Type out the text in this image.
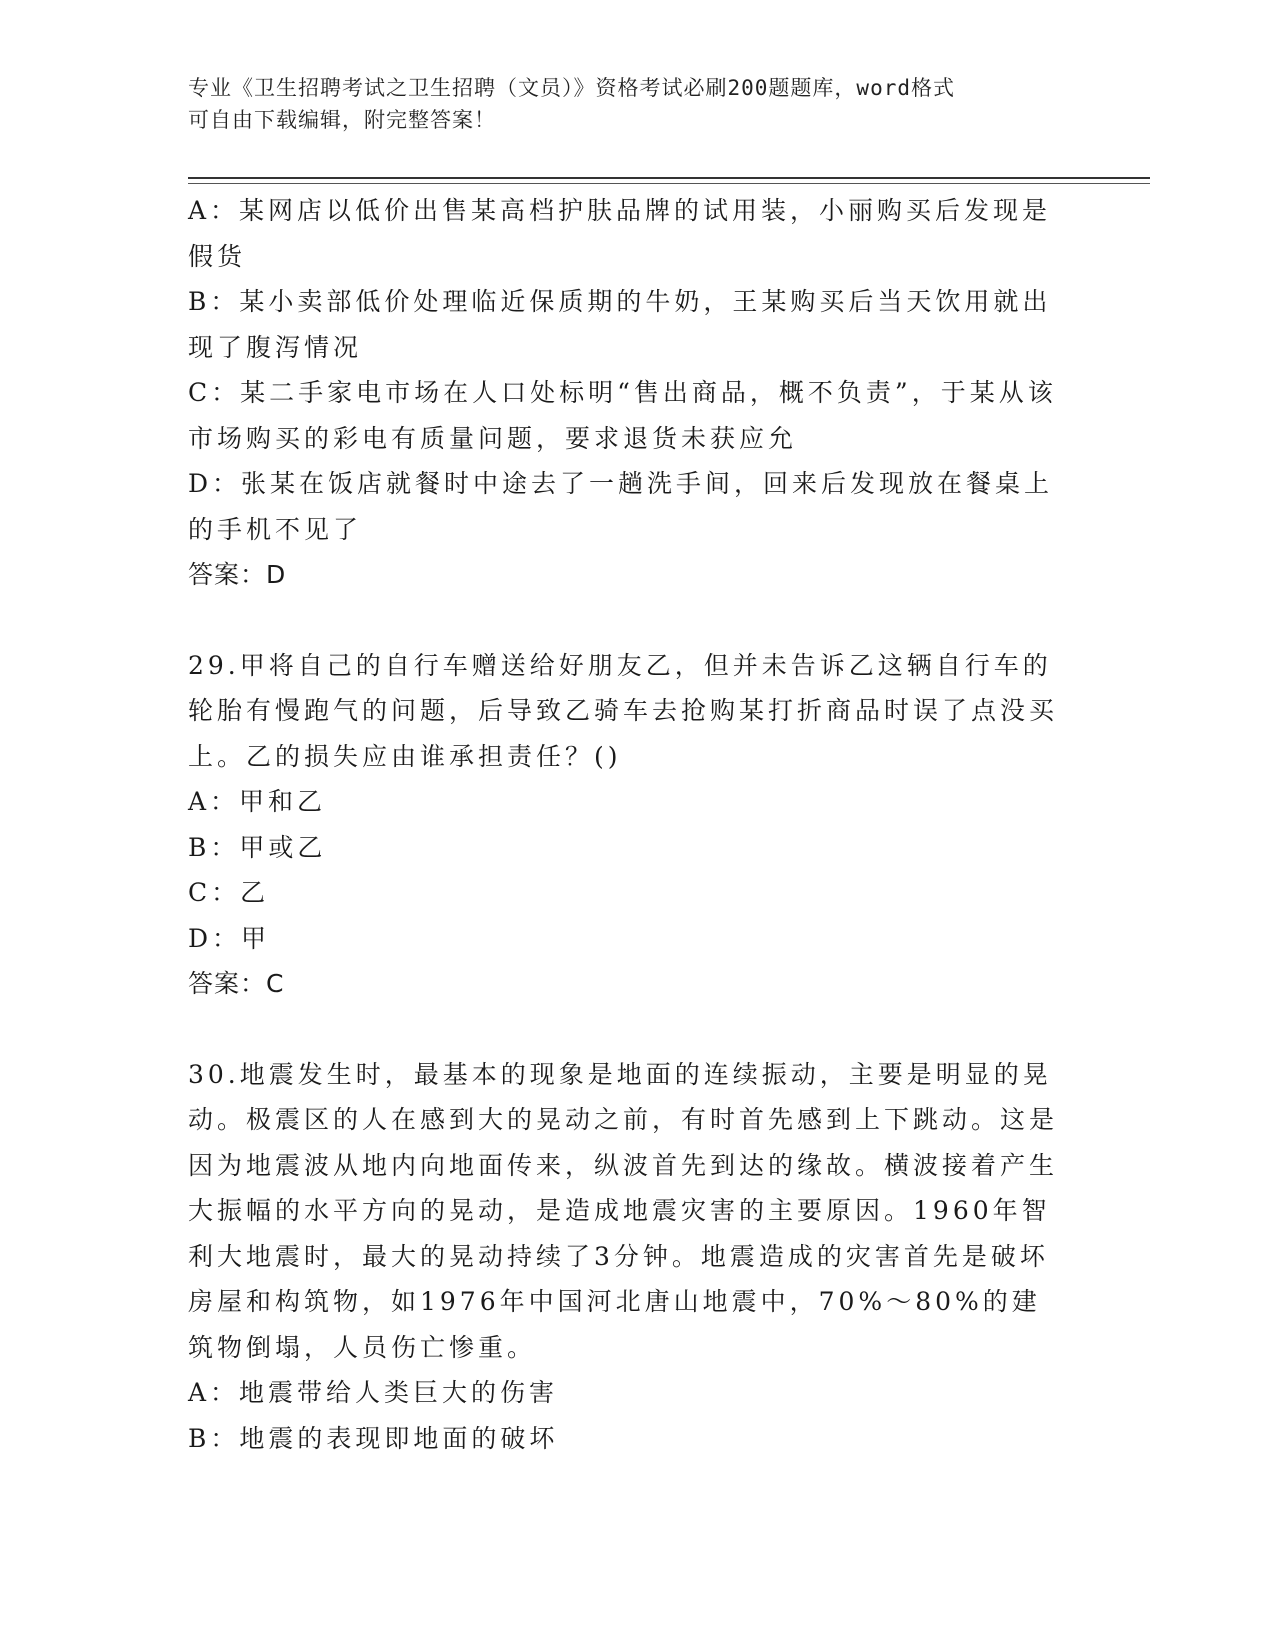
专业《卫生招聘考试之卫生招聘（文员）》资格考试必刷200题题库，word格式
可自由下载编辑，附完整答案！

A：某网店以低价出售某高档护肤品牌的试用装，小丽购买后发现是假货

B：某小卖部低价处理临近保质期的牛奶，王某购买后当天饮用就出现了腹泻情况

C：某二手家电市场在人口处标明“售出商品，概不负责”，于某从该市场购买的彩电有质量问题，要求退货未获应允

D：张某在饭店就餐时中途去了一趟洗手间，回来后发现放在餐桌上的手机不见了

答案：D

29.甲将自己的自行车赠送给好朋友乙，但并未告诉乙这辆自行车的轮胎有慢跑气的问题，后导致乙骑车去抢购某打折商品时误了点没买上。乙的损失应由谁承担责任？()

A：甲和乙

B：甲或乙

C：乙

D：甲

答案：C

30.地震发生时，最基本的现象是地面的连续振动，主要是明显的晃动。极震区的人在感到大的晃动之前，有时首先感到上下跳动。这是因为地震波从地内向地面传来，纵波首先到达的缘故。横波接着产生大振幅的水平方向的晃动，是造成地震灾害的主要原因。1960年智利大地震时，最大的晃动持续了3分钟。地震造成的灾害首先是破坏房屋和构筑物，如1976年中国河北唐山地震中，70%～80%的建筑物倒塌，人员伤亡惨重。

A：地震带给人类巨大的伤害

B：地震的表现即地面的破坏
